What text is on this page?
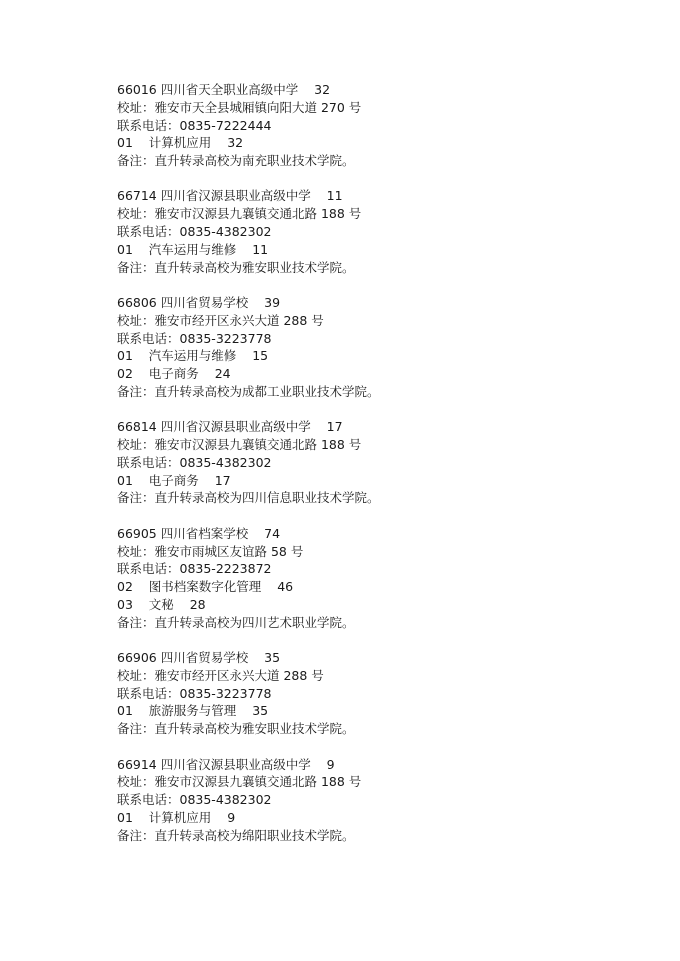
66016 四川省天全职业高级中学    32
校址：雅安市天全县城厢镇向阳大道 270 号
联系电话：0835-7222444
01    计算机应用    32
备注：直升转录高校为南充职业技术学院。
66714 四川省汉源县职业高级中学    11
校址：雅安市汉源县九襄镇交通北路 188 号
联系电话：0835-4382302
01    汽车运用与维修    11
备注：直升转录高校为雅安职业技术学院。
66806 四川省贸易学校    39
校址：雅安市经开区永兴大道 288 号
联系电话：0835-3223778
01    汽车运用与维修    15
02    电子商务    24
备注：直升转录高校为成都工业职业技术学院。
66814 四川省汉源县职业高级中学    17
校址：雅安市汉源县九襄镇交通北路 188 号
联系电话：0835-4382302
01    电子商务    17
备注：直升转录高校为四川信息职业技术学院。
66905 四川省档案学校    74
校址：雅安市雨城区友谊路 58 号
联系电话：0835-2223872
02    图书档案数字化管理    46
03    文秘    28
备注：直升转录高校为四川艺术职业学院。
66906 四川省贸易学校    35
校址：雅安市经开区永兴大道 288 号
联系电话：0835-3223778
01    旅游服务与管理    35
备注：直升转录高校为雅安职业技术学院。
66914 四川省汉源县职业高级中学    9
校址：雅安市汉源县九襄镇交通北路 188 号
联系电话：0835-4382302
01    计算机应用    9
备注：直升转录高校为绵阳职业技术学院。
